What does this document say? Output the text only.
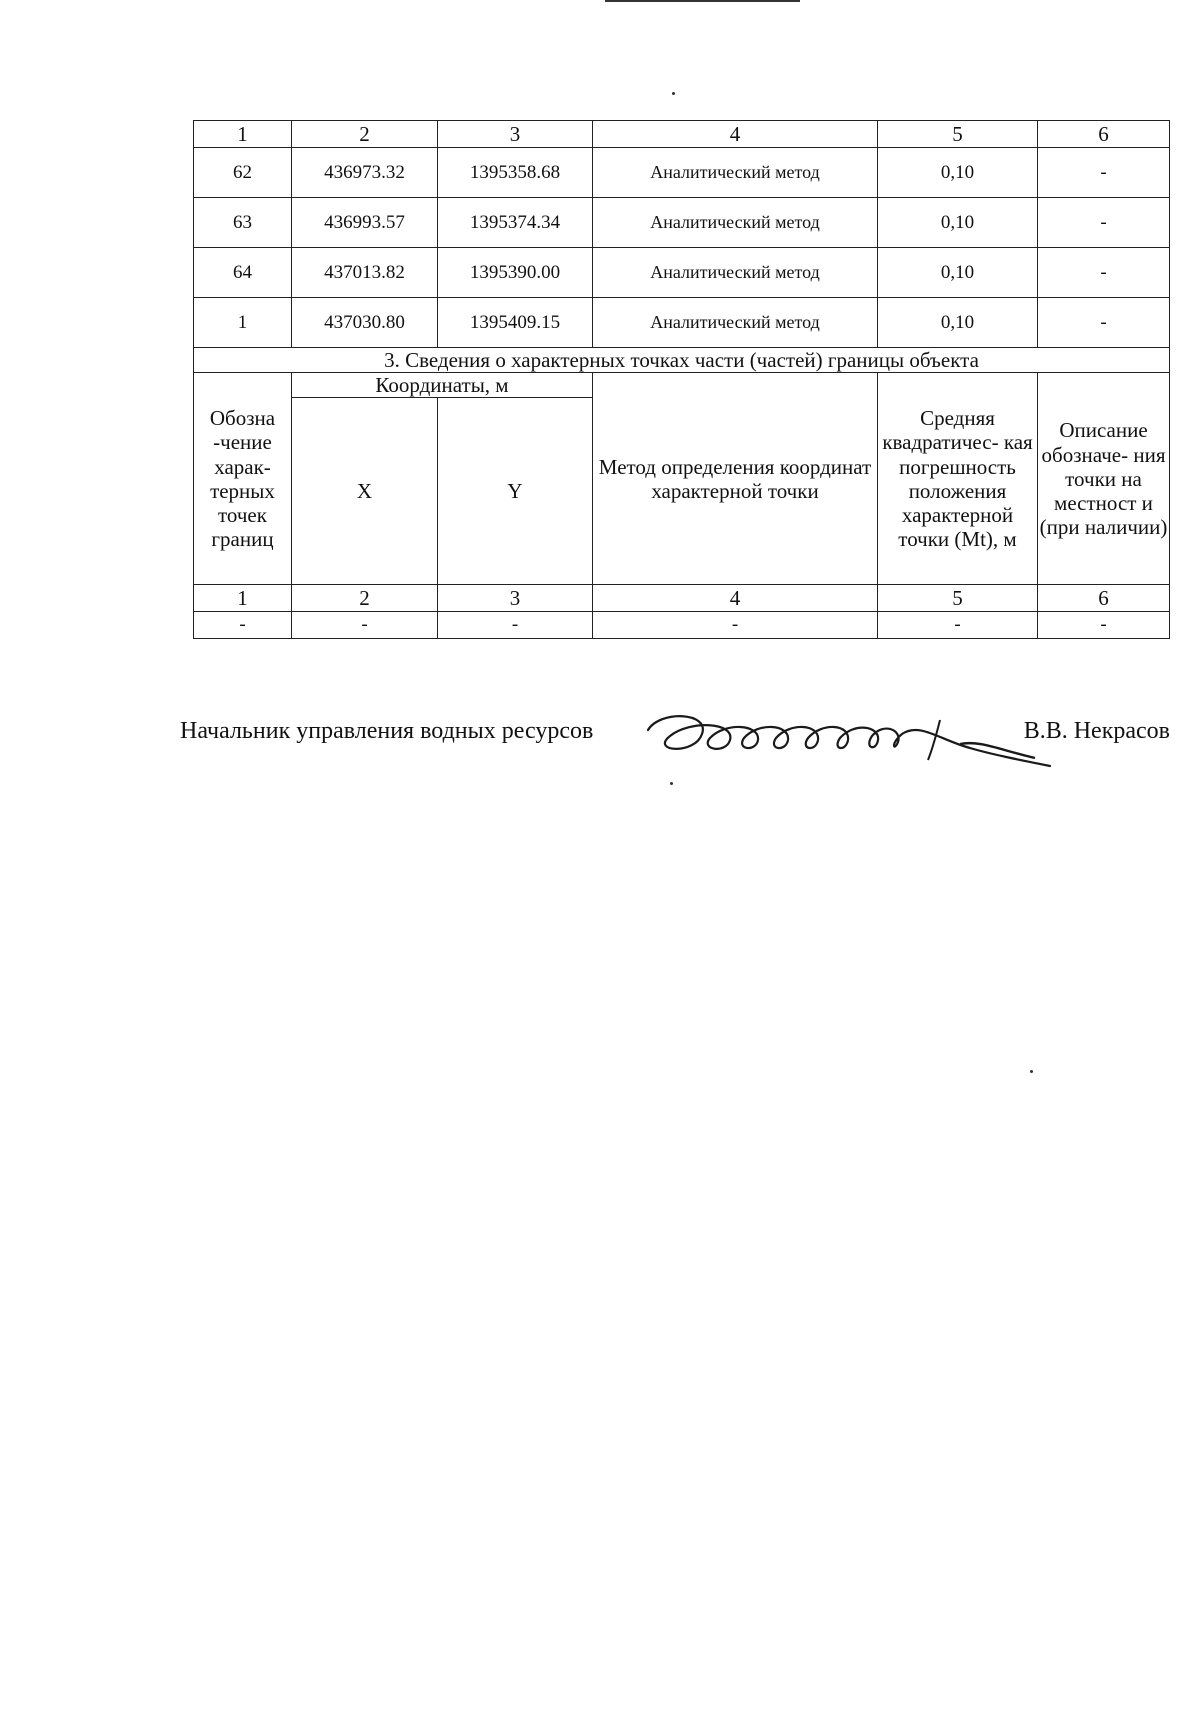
1	2	3	4	5	6
62	436973.32	1395358.68	Аналитический метод	0,10	-
63	436993.57	1395374.34	Аналитический метод	0,10	-
64	437013.82	1395390.00	Аналитический метод	0,10	-
1	437030.80	1395409.15	Аналитический метод	0,10	-
3. Сведения о характерных точках части (частей) границы объекта					
Обозна -чение харак- терных точек границ	Координаты, м		Метод определения координат характерной точки	Средняя квадратичес- кая погрешность положения характерной точки (Mt), м	Описание обозначе- ния точки на местност и (при наличии)
	X	Y			
1	2	3	4	5	6
-	-	-	-	-	-
Начальник управления водных ресурсов	В.В. Некрасов
